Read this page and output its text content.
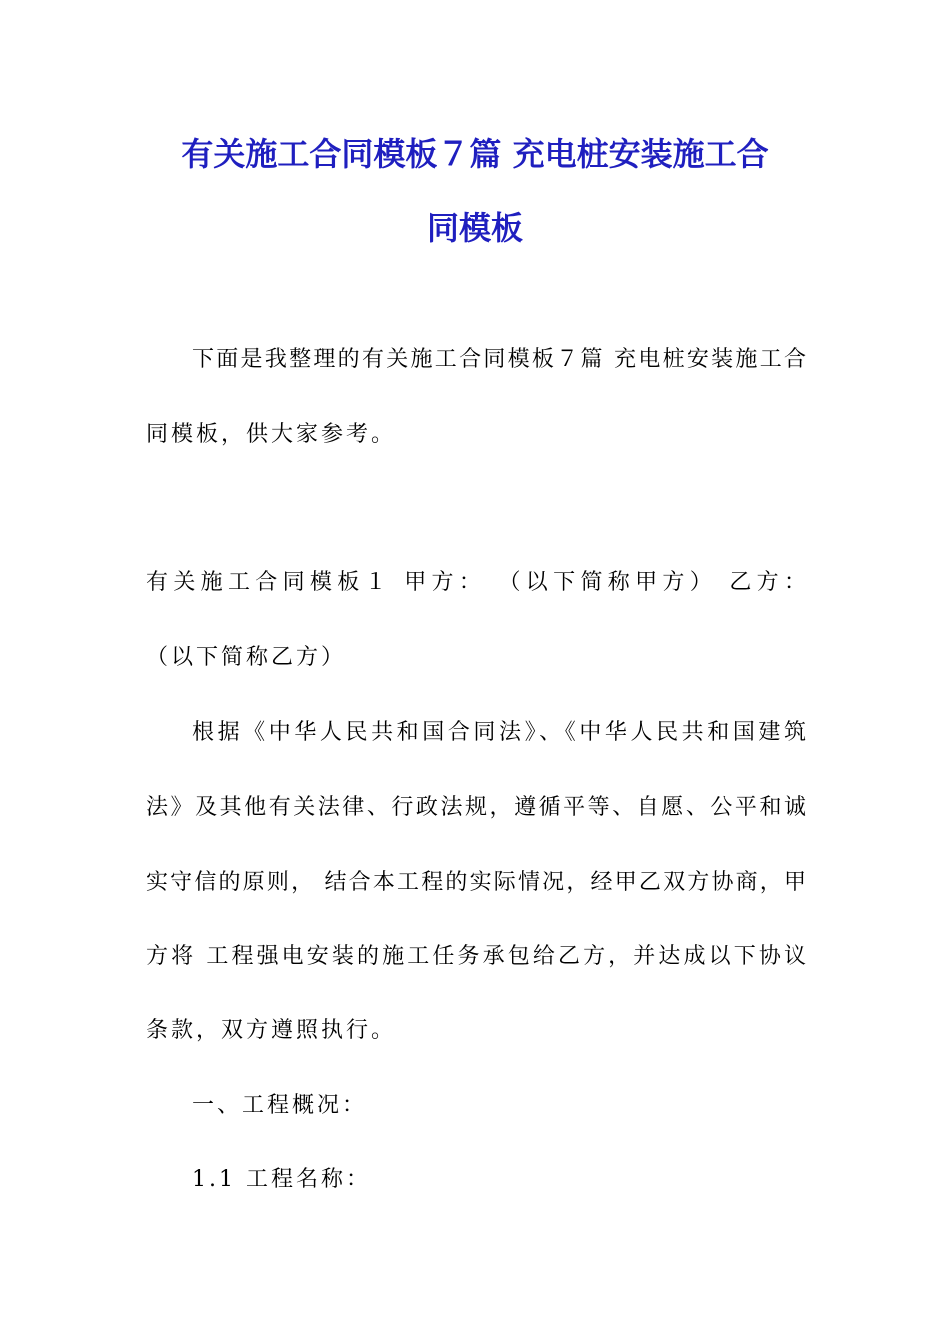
有关施工合同模板７篇 充电桩安装施工合
同模板
下面是我整理的有关施工合同模板７篇 充电桩安装施工合
同模板，供大家参考。
有关施工合同模板１ 甲方： （以下简称甲方） 乙方：
（以下简称乙方）
根据《中华人民共和国合同法》、《中华人民共和国建筑
法》及其他有关法律、行政法规，遵循平等、自愿、公平和诚
实守信的原则， 结合本工程的实际情况，经甲乙双方协商，甲
方将 工程强电安装的施工任务承包给乙方，并达成以下协议
条款，双方遵照执行。
一、工程概况：
1.1 工程名称：
